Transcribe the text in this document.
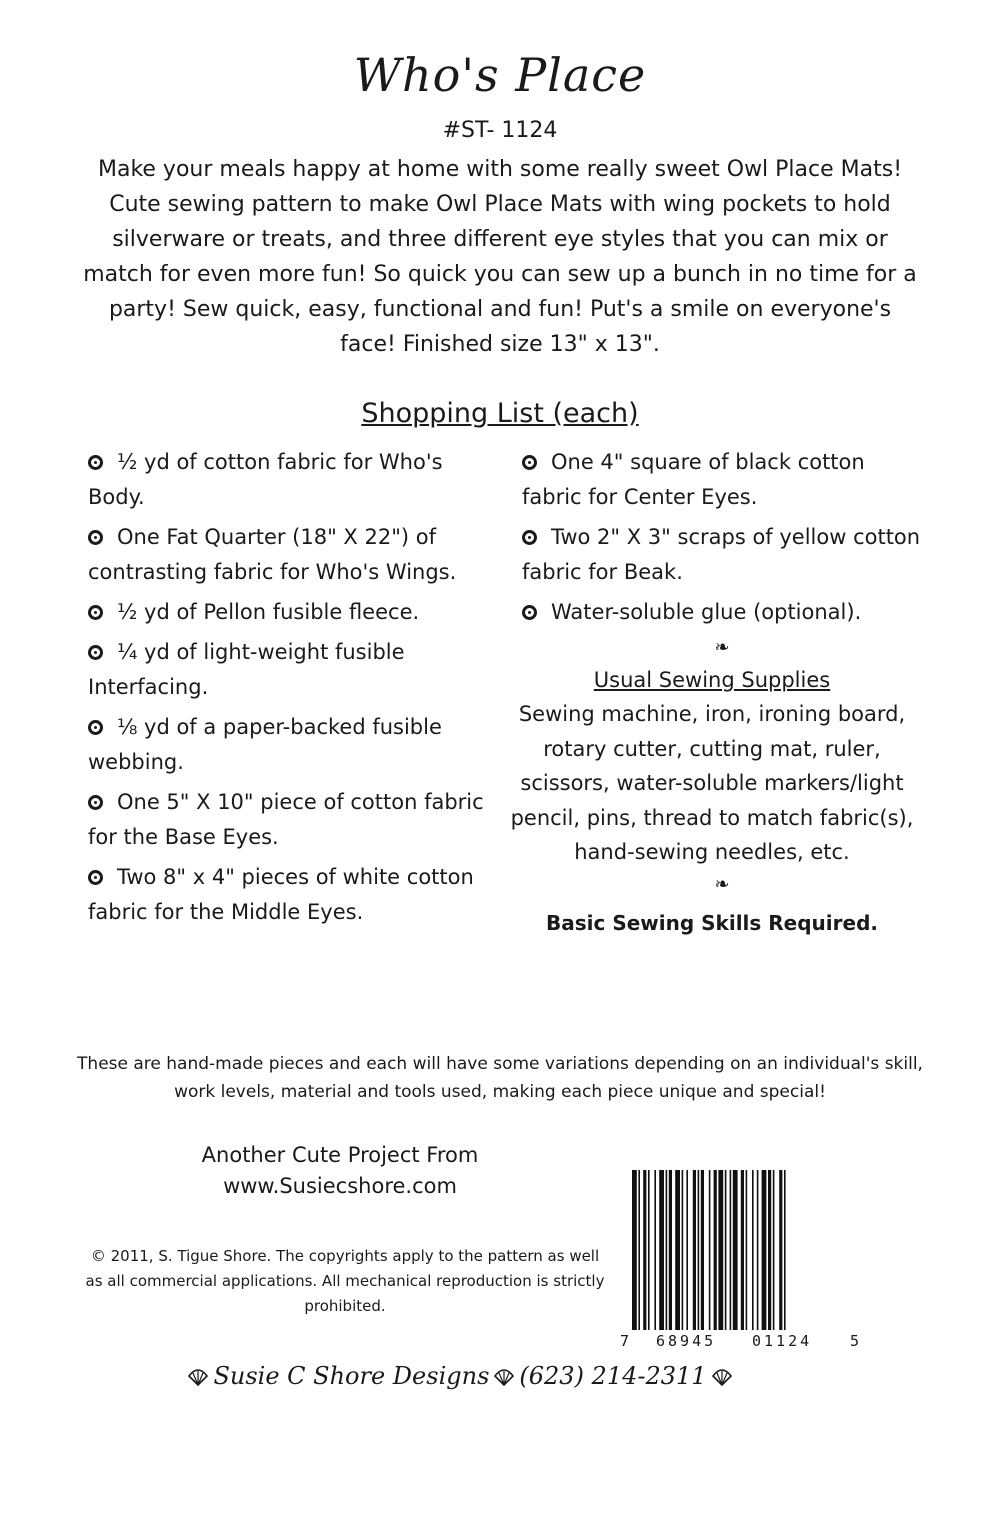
Who's Place
#ST- 1124

Make your meals happy at home with some really sweet Owl Place Mats! Cute sewing pattern to make Owl Place Mats with wing pockets to hold silverware or treats, and three different eye styles that you can mix or match for even more fun! So quick you can sew up a bunch in no time for a party! Sew quick, easy, functional and fun! Put's a smile on everyone's face! Finished size 13" x 13".

Shopping List (each)
½ yd of cotton fabric for Who's Body.
One Fat Quarter (18" X 22") of contrasting fabric for Who's Wings.
½ yd of Pellon fusible fleece.
¼ yd of light-weight fusible Interfacing.
⅛ yd of a paper-backed fusible webbing.
One 5" X 10" piece of cotton fabric for the Base Eyes.
Two 8" x 4" pieces of white cotton fabric for the Middle Eyes.
One 4" square of black cotton fabric for Center Eyes.
Two 2" X 3" scraps of yellow cotton fabric for Beak.
Water-soluble glue (optional).
❧
Usual Sewing Supplies
Sewing machine, iron, ironing board, rotary cutter, cutting mat, ruler, scissors, water-soluble markers/light pencil, pins, thread to match fabric(s), hand-sewing needles, etc.
❧
Basic Sewing Skills Required.
These are hand-made pieces and each will have some variations depending on an individual's skill, work levels, material and tools used, making each piece unique and special!
Another Cute Project From
www.Susiecshore.com
© 2011, S. Tigue Shore. The copyrights apply to the pattern as well as all commercial applications. All mechanical reproduction is strictly prohibited.
7 68945 01124	5
Susie C Shore Designs (623) 214-2311
